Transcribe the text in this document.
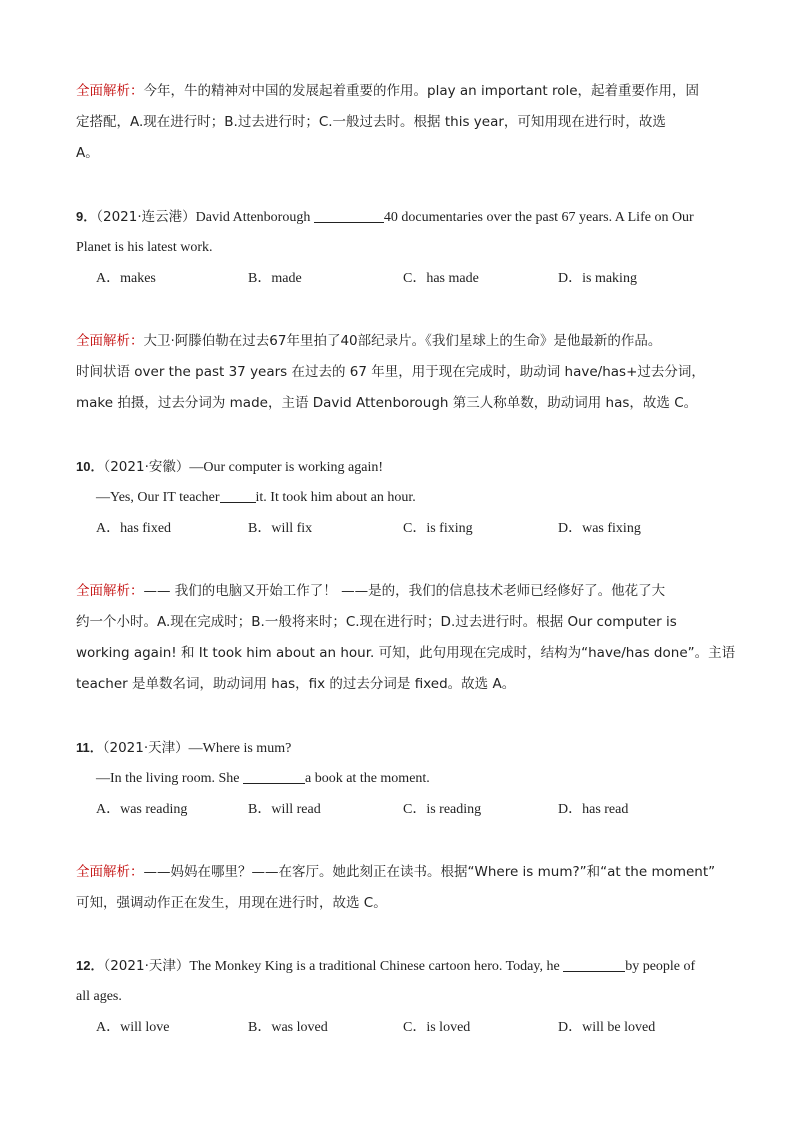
全面解析：今年，牛的精神对中国的发展起着重要的作用。play an important role，起着重要作用，固
定搭配，A.现在进行时；B.过去进行时；C.一般过去时。根据 this year，可知用现在进行时，故选
A。
9．（2021·连云港）David Attenborough	40 documentaries over the past 67 years. A Life on Our
Planet is his latest work.
A．makes	B．made	C．has made	D．is making
全面解析：大卫·阿滕伯勒在过去67年里拍了40部纪录片。《我们星球上的生命》是他最新的作品。
时间状语 over the past 37 years 在过去的 67 年里，用于现在完成时，助动词 have/has+过去分词，
make 拍摄，过去分词为 made，主语 David Attenborough 第三人称单数，助动词用 has，故选 C。
10．（2021·安徽）—Our computer is working again!
—Yes, Our IT teacher	it. It took him about an hour.
A．has fixed	B．will fix	C．is fixing	D．was fixing
全面解析：—— 我们的电脑又开始工作了！ ——是的，我们的信息技术老师已经修好了。他花了大
约一个小时。A.现在完成时；B.一般将来时；C.现在进行时；D.过去进行时。根据 Our computer is
working again! 和 It took him about an hour. 可知，此句用现在完成时，结构为“have/has done”。主语
teacher 是单数名词，助动词用 has，fix 的过去分词是 fixed。故选 A。
11．（2021·天津）—Where is mum?
—In the living room. She	a book at the moment.
A．was reading	B．will read	C．is reading	D．has read
全面解析：——妈妈在哪里？——在客厅。她此刻正在读书。根据“Where is mum?”和“at the moment”
可知，强调动作正在发生，用现在进行时，故选 C。
12．（2021·天津）The Monkey King is a traditional Chinese cartoon hero. Today, he	by people of
all ages.
A．will love	B．was loved	C．is loved	D．will be loved
